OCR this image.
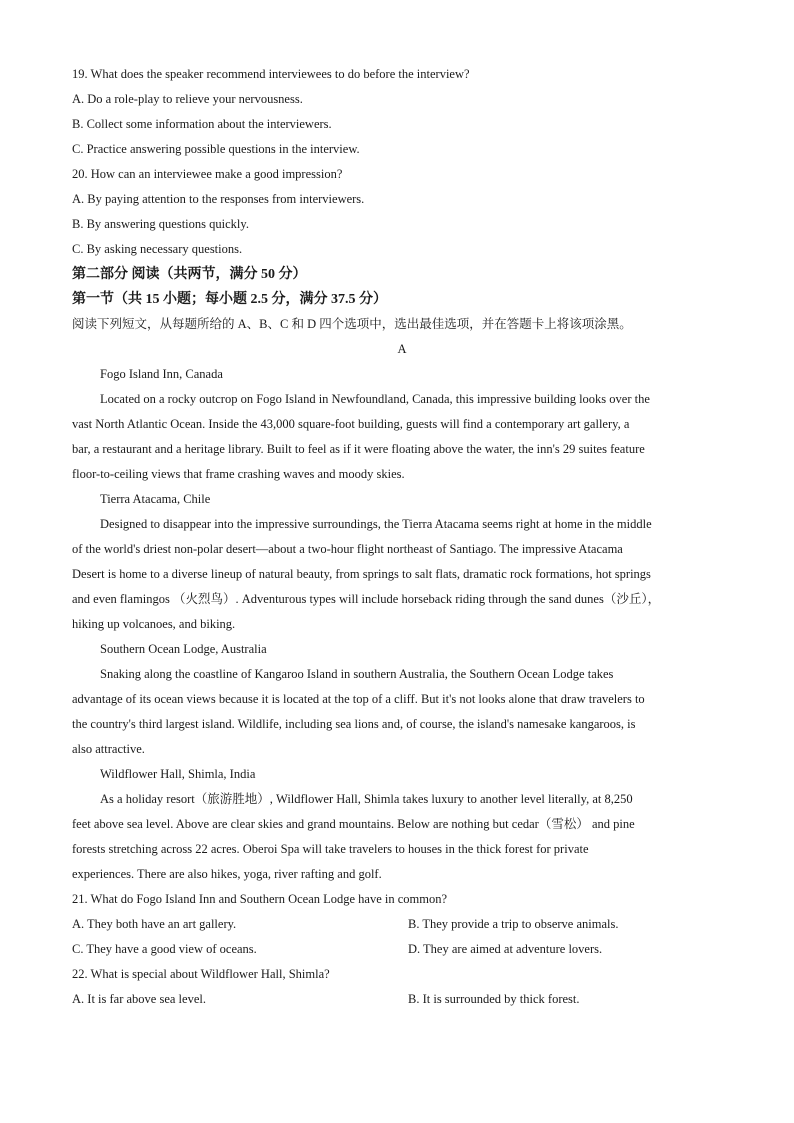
19. What does the speaker recommend interviewees to do before the interview?
A. Do a role-play to relieve your nervousness.
B. Collect some information about the interviewers.
C. Practice answering possible questions in the interview.
20. How can an interviewee make a good impression?
A. By paying attention to the responses from interviewers.
B. By answering questions quickly.
C. By asking necessary questions.
第二部分 阅读（共两节，满分 50 分）
第一节（共 15 小题；每小题 2.5 分，满分 37.5 分）
阅读下列短文，从每题所给的 A、B、C 和 D 四个选项中，选出最佳选项，并在答题卡上将该项涂黑。
A
Fogo Island Inn, Canada
Located on a rocky outcrop on Fogo Island in Newfoundland, Canada, this impressive building looks over the
vast North Atlantic Ocean. Inside the 43,000 square-foot building, guests will find a contemporary art gallery, a
bar, a restaurant and a heritage library. Built to feel as if it were floating above the water, the inn's 29 suites feature
floor-to-ceiling views that frame crashing waves and moody skies.
Tierra Atacama, Chile
Designed to disappear into the impressive surroundings, the Tierra Atacama seems right at home in the middle
of the world's driest non-polar desert—about a two-hour flight northeast of Santiago. The impressive Atacama
Desert is home to a diverse lineup of natural beauty, from springs to salt flats, dramatic rock formations, hot springs
and even flamingos （火烈鸟）. Adventurous types will include horseback riding through the sand dunes（沙丘），
hiking up volcanoes, and biking.
Southern Ocean Lodge, Australia
Snaking along the coastline of Kangaroo Island in southern Australia, the Southern Ocean Lodge takes
advantage of its ocean views because it is located at the top of a cliff. But it's not looks alone that draw travelers to
the country's third largest island. Wildlife, including sea lions and, of course, the island's namesake kangaroos, is
also attractive.
Wildflower Hall, Shimla, India
As a holiday resort（旅游胜地）, Wildflower Hall, Shimla takes luxury to another level literally, at 8,250
feet above sea level. Above are clear skies and grand mountains. Below are nothing but cedar（雪松） and pine
forests stretching across 22 acres. Oberoi Spa will take travelers to houses in the thick forest for private
experiences. There are also hikes, yoga, river rafting and golf.
21. What do Fogo Island Inn and Southern Ocean Lodge have in common?
A. They both have an art gallery.	B. They provide a trip to observe animals.
C. They have a good view of oceans.	D. They are aimed at adventure lovers.
22. What is special about Wildflower Hall, Shimla?
A. It is far above sea level.	B. It is surrounded by thick forest.
